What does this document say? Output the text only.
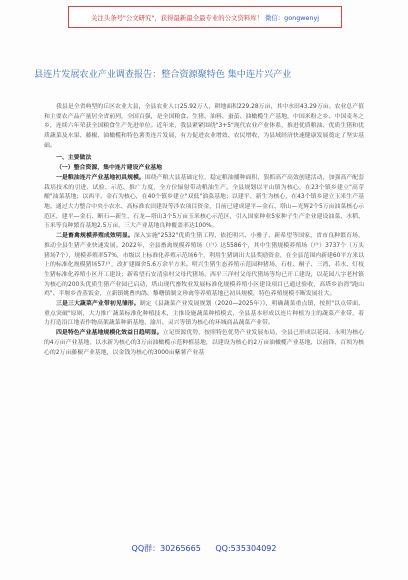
关注头条号"公文研究"，获得最新最全最专业的公文资料库！ 微信：gongwenyj
县连片发展农业产业调查报告：整合资源聚特色 集中连片兴产业

我县是全省典型的丘区农业大县，全县农业人口25.92万人，耕地面积229.28万亩，其中水田43.29万亩。农业总产值和主要农产品产量居全省前列，全国百强，是全国粮食、生猪、油料、蚕茧、油橄榄生产基地，中国米粉之乡、中国麦冬之乡，连续六年荣获全国粮食生产先进单位。近年来，我县紧紧围绕"3+5"现代农业产业体系，推进优质粮油、优质生猪和优质蔬菜及水果、藤椒、油橄榄和特色薯类连片发展，有力促进农业增效、农民增收，为县域经济快速健康发展奠定了坚实基础。

一、主要做法

（一）整合资源，集中连片建设产业基地

一是粮油连片产业基地初具规模。围绕产粮大县基础定位，稳定粮油播种面积，狠抓高产高效创建活动，加强高产配套栽培技术的引进、试验、示范、推广力度，全方位辐射带动粮油生产。全县规划以平山镇为核心，在23个镇乡建立"高芽酿"油菜基地；以西平、金石为核心，在40个镇乡建立"双低"油菜基地；以建平、新生为核心，在43个镇乡建立玉米生产基地。通过大力整合中央小农水、高标准农田建设等涉农项目资金，目前已建成建平—金石、塔山—光辉2个5万亩油菜核心示范区，建平—金石、断石—新生、石龙—塔山3个5万亩玉米核心示范区，引入国家种业5家种子生产企业建设油菜、水稻、玉米等良种繁育基地2.5万亩，三大产业基地良种覆盖率达100%。

二是畜禽规模养殖成效明显。深入实施"2532"优质生猪工程，依托明兴、小雅子、新希望等国家、省市良种繁育场，推动全县生猪产业快速发展。2022年，全县畜禽规模养殖场（户）达5586个，其中生猪规模养殖场（户）3737个（万头猪场7个），规模养殖率57%，市级以上标准化养殖示范场6个，利用生猪调出大县奖励资金，在全县范围内新建60平方米以上的标准化规模猪场57户，改扩建圈舍5.6万余平方米。明兴生猪生态养殖示范园种猪场、石柱、桐子、三湾、若水、灯枝生猪标准化养殖小区开工建设；新希望石安清泉村父母代猪场、西平三洋村父母代猪场等均已开工建设，以花园八字老村镇为核心的200头优质生猪产业园已启动，塔山现代畜牧业发展标准化规模养殖小区建设项目已通过验收，高塔乡治湾"跑山鸡"、半堰乡香蒸饭金，立新镇姚曹肉鸽、黎曙镇制文珍禽等养殖基地已初具规模，特色养殖规模不断发展壮大。

三是三大蔬菜产业带初见雏形。制定《县蔬菜产业发展规划（2020—2025年）》，明确蔬菜重点镇，按照"以点带面、重点突破"原则，大力推广蔬菜标准化种植技术，主推设施蔬菜种植模式，全县基本形成以连片种植为主的蔬菜产业带，着力打造沿江地表作物高架蔬菜种新基地、渝川、灵兴等镇为核心的环城商品蔬菜产业带。

四是特色产业基地规模化效益日趋明显。立足资源优势，按照特色优势产业发展布局，全县已形成以花园、永明为核心的4万亩产业基地，以水新为核心的3万亩油橄榄示范种植基地，以建设为核心的2万亩油橄榄产业基地，以前锋、百顷为核心的2万亩藤椒产业基地，以金钱为核心的3000亩紫薯产业基

QQ群：30265665 QQ:535304092
